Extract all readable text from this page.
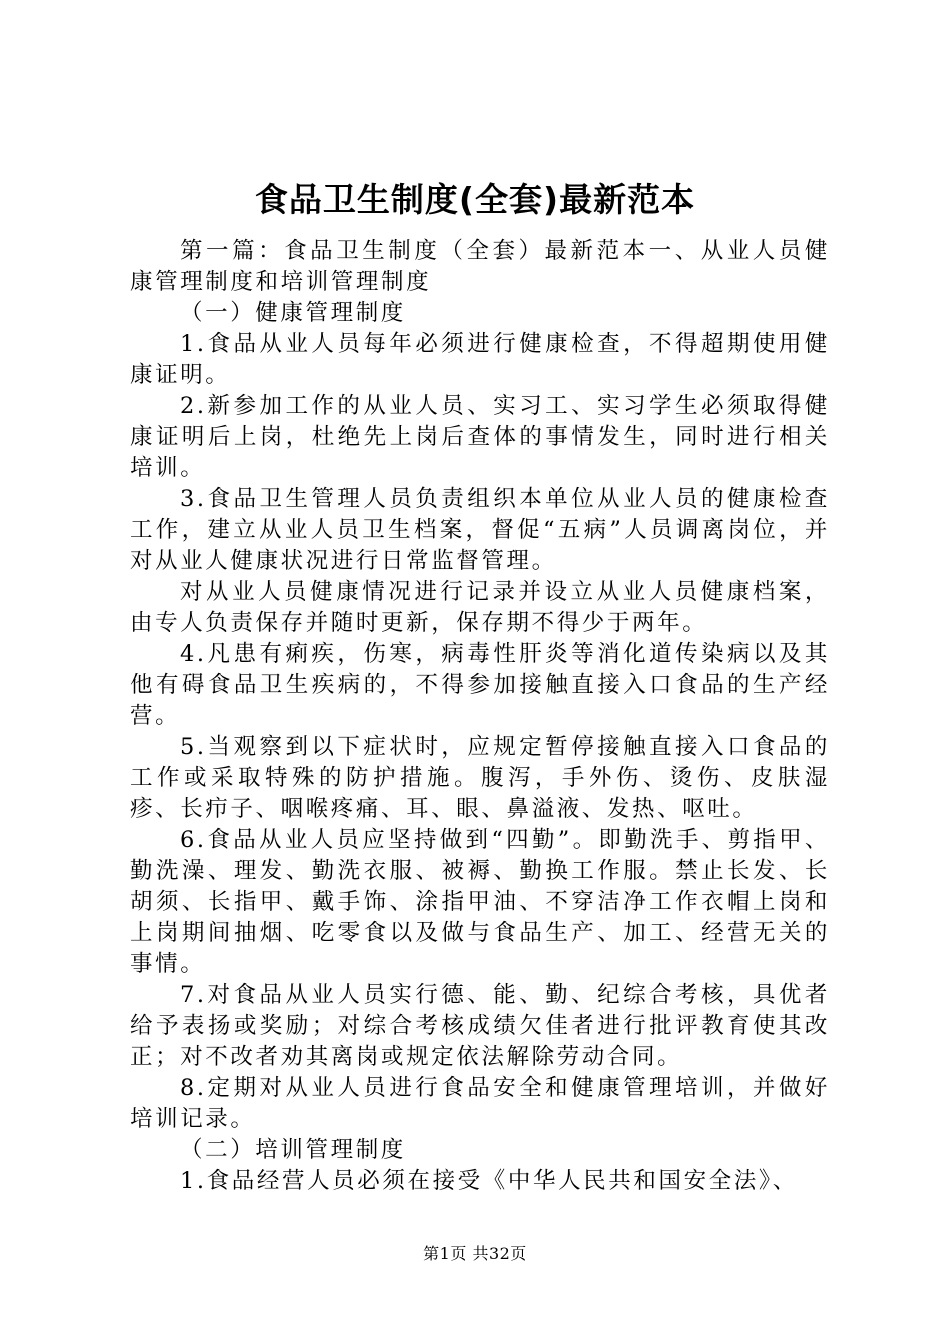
食品卫生制度(全套)最新范本

第一篇：食品卫生制度（全套）最新范本一、从业人员健康管理制度和培训管理制度

（一）健康管理制度

1.食品从业人员每年必须进行健康检查，不得超期使用健康证明。

2.新参加工作的从业人员、实习工、实习学生必须取得健康证明后上岗，杜绝先上岗后查体的事情发生，同时进行相关培训。

3.食品卫生管理人员负责组织本单位从业人员的健康检查工作，建立从业人员卫生档案，督促“五病”人员调离岗位，并对从业人健康状况进行日常监督管理。

对从业人员健康情况进行记录并设立从业人员健康档案，由专人负责保存并随时更新，保存期不得少于两年。

4.凡患有痢疾，伤寒，病毒性肝炎等消化道传染病以及其他有碍食品卫生疾病的，不得参加接触直接入口食品的生产经营。

5.当观察到以下症状时，应规定暂停接触直接入口食品的工作或采取特殊的防护措施。腹泻，手外伤、烫伤、皮肤湿疹、长疖子、咽喉疼痛、耳、眼、鼻溢液、发热、呕吐。

6.食品从业人员应坚持做到“四勤”。即勤洗手、剪指甲、勤洗澡、理发、勤洗衣服、被褥、勤换工作服。禁止长发、长胡须、长指甲、戴手饰、涂指甲油、不穿洁净工作衣帽上岗和上岗期间抽烟、吃零食以及做与食品生产、加工、经营无关的事情。

7.对食品从业人员实行德、能、勤、纪综合考核，具优者给予表扬或奖励；对综合考核成绩欠佳者进行批评教育使其改正；对不改者劝其离岗或规定依法解除劳动合同。

8.定期对从业人员进行食品安全和健康管理培训，并做好培训记录。

（二）培训管理制度

1.食品经营人员必须在接受《中华人民共和国安全法》、

第1页 共32页
